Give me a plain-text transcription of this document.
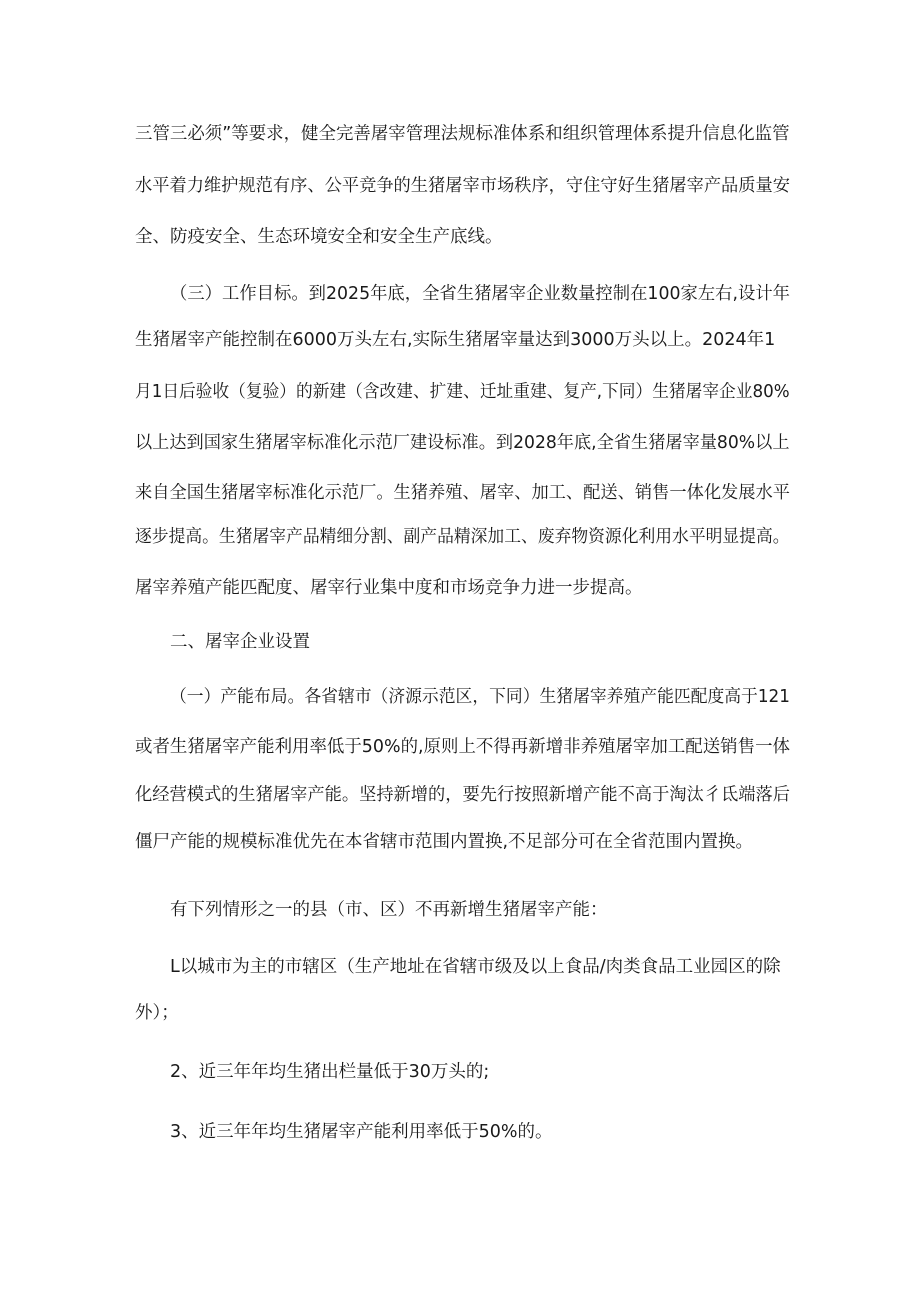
三管三必须”等要求，健全完善屠宰管理法规标准体系和组织管理体系提升信息化监管
水平着力维护规范有序、公平竞争的生猪屠宰市场秩序，守住守好生猪屠宰产品质量安
全、防疫安全、生态环境安全和安全生产底线。
（三）工作目标。到2025年底，全省生猪屠宰企业数量控制在100家左右,设计年
生猪屠宰产能控制在6000万头左右,实际生猪屠宰量达到3000万头以上。2024年1
月1日后验收（复验）的新建（含改建、扩建、迁址重建、复产,下同）生猪屠宰企业80%
以上达到国家生猪屠宰标准化示范厂建设标准。到2028年底,全省生猪屠宰量80%以上
来自全国生猪屠宰标准化示范厂。生猪养殖、屠宰、加工、配送、销售一体化发展水平
逐步提高。生猪屠宰产品精细分割、副产品精深加工、废弃物资源化利用水平明显提高。
屠宰养殖产能匹配度、屠宰行业集中度和市场竞争力进一步提高。
二、屠宰企业设置
（一）产能布局。各省辖市（济源示范区，下同）生猪屠宰养殖产能匹配度高于121
或者生猪屠宰产能利用率低于50%的,原则上不得再新增非养殖屠宰加工配送销售一体
化经营模式的生猪屠宰产能。坚持新增的，要先行按照新增产能不高于淘汰彳氐端落后
僵尸产能的规模标准优先在本省辖市范围内置换,不足部分可在全省范围内置换。
有下列情形之一的县（市、区）不再新增生猪屠宰产能：
L以城市为主的市辖区（生产地址在省辖市级及以上食品/肉类食品工业园区的除
外）；
2、近三年年均生猪出栏量低于30万头的;
3、近三年年均生猪屠宰产能利用率低于50%的。
